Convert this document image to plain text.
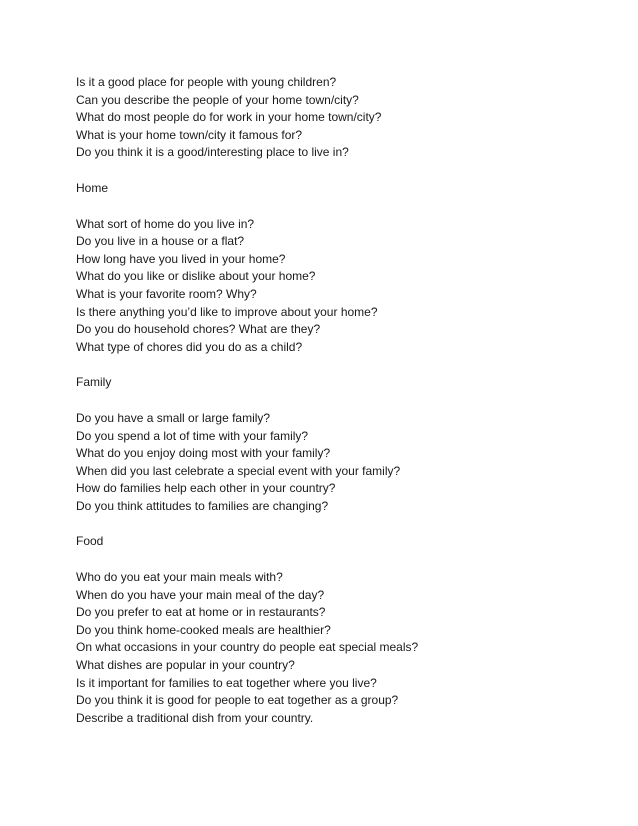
Is it a good place for people with young children?
Can you describe the people of your home town/city?
What do most people do for work in your home town/city?
What is your home town/city it famous for?
Do you think it is a good/interesting place to live in?
Home
What sort of home do you live in?
Do you live in a house or a flat?
How long have you lived in your home?
What do you like or dislike about your home?
What is your favorite room? Why?
Is there anything you’d like to improve about your home?
Do you do household chores? What are they?
What type of chores did you do as a child?
Family
Do you have a small or large family?
Do you spend a lot of time with your family?
What do you enjoy doing most with your family?
When did you last celebrate a special event with your family?
How do families help each other in your country?
Do you think attitudes to families are changing?
Food
Who do you eat your main meals with?
When do you have your main meal of the day?
Do you prefer to eat at home or in restaurants?
Do you think home-cooked meals are healthier?
On what occasions in your country do people eat special meals?
What dishes are popular in your country?
Is it important for families to eat together where you live?
Do you think it is good for people to eat together as a group?
Describe a traditional dish from your country.
